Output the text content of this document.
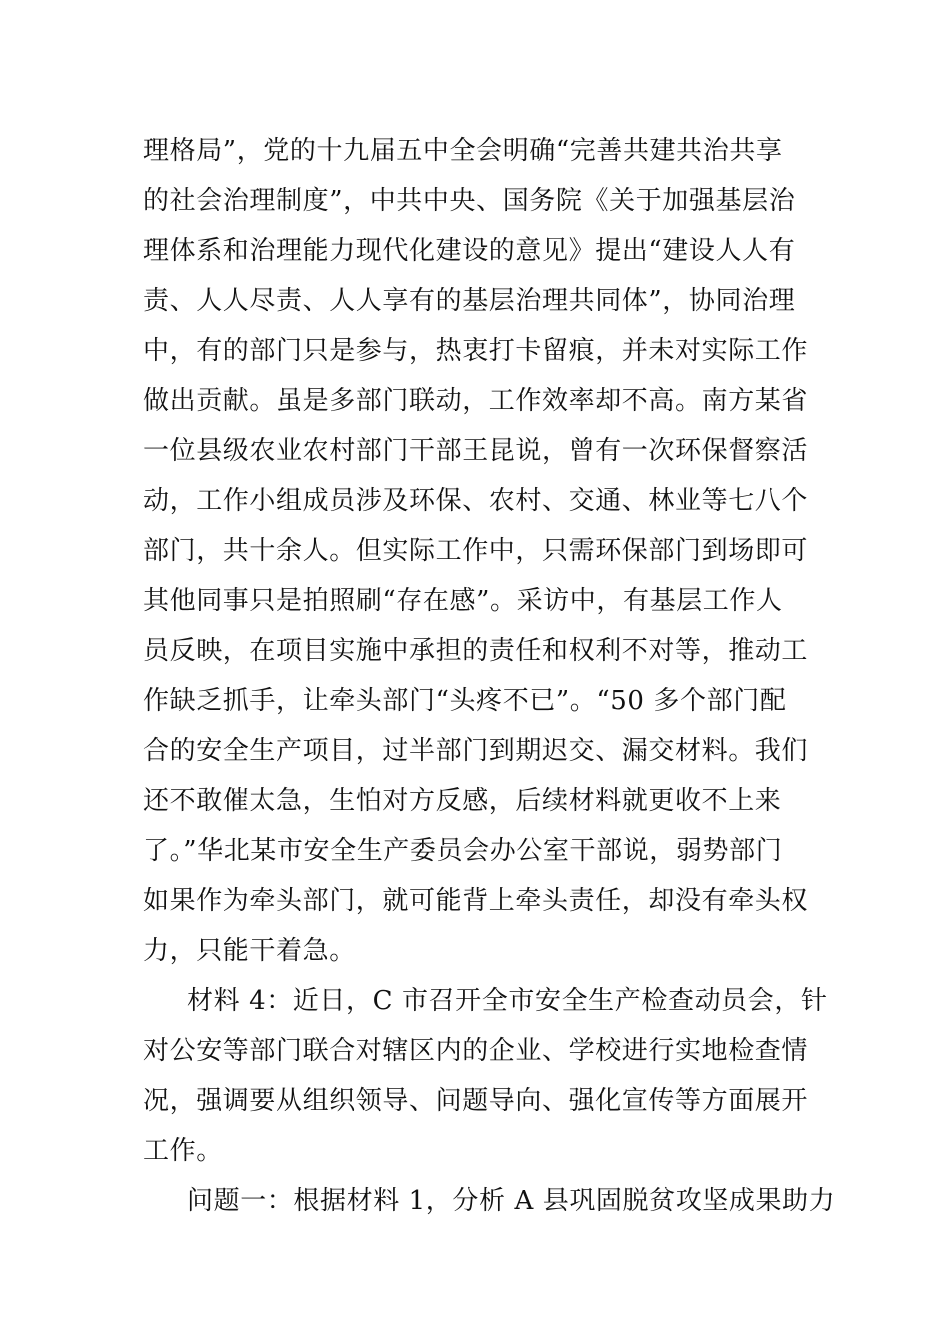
理格局”，党的十九届五中全会明确“完善共建共治共享
的社会治理制度”，中共中央、国务院《关于加强基层治
理体系和治理能力现代化建设的意见》提出“建设人人有
责、人人尽责、人人享有的基层治理共同体”，协同治理
中，有的部门只是参与，热衷打卡留痕，并未对实际工作
做出贡献。虽是多部门联动，工作效率却不高。南方某省
一位县级农业农村部门干部王昆说，曾有一次环保督察活
动，工作小组成员涉及环保、农村、交通、林业等七八个
部门，共十余人。但实际工作中，只需环保部门到场即可
其他同事只是拍照刷“存在感”。采访中，有基层工作人
员反映，在项目实施中承担的责任和权利不对等，推动工
作缺乏抓手，让牵头部门“头疼不已”。“50 多个部门配
合的安全生产项目，过半部门到期迟交、漏交材料。我们
还不敢催太急，生怕对方反感，后续材料就更收不上来
了。”华北某市安全生产委员会办公室干部说，弱势部门
如果作为牵头部门，就可能背上牵头责任，却没有牵头权
力，只能干着急。
材料 4：近日，C 市召开全市安全生产检查动员会，针
对公安等部门联合对辖区内的企业、学校进行实地检查情
况，强调要从组织领导、问题导向、强化宣传等方面展开
工作。
问题一：根据材料 1，分析 A 县巩固脱贫攻坚成果助力
